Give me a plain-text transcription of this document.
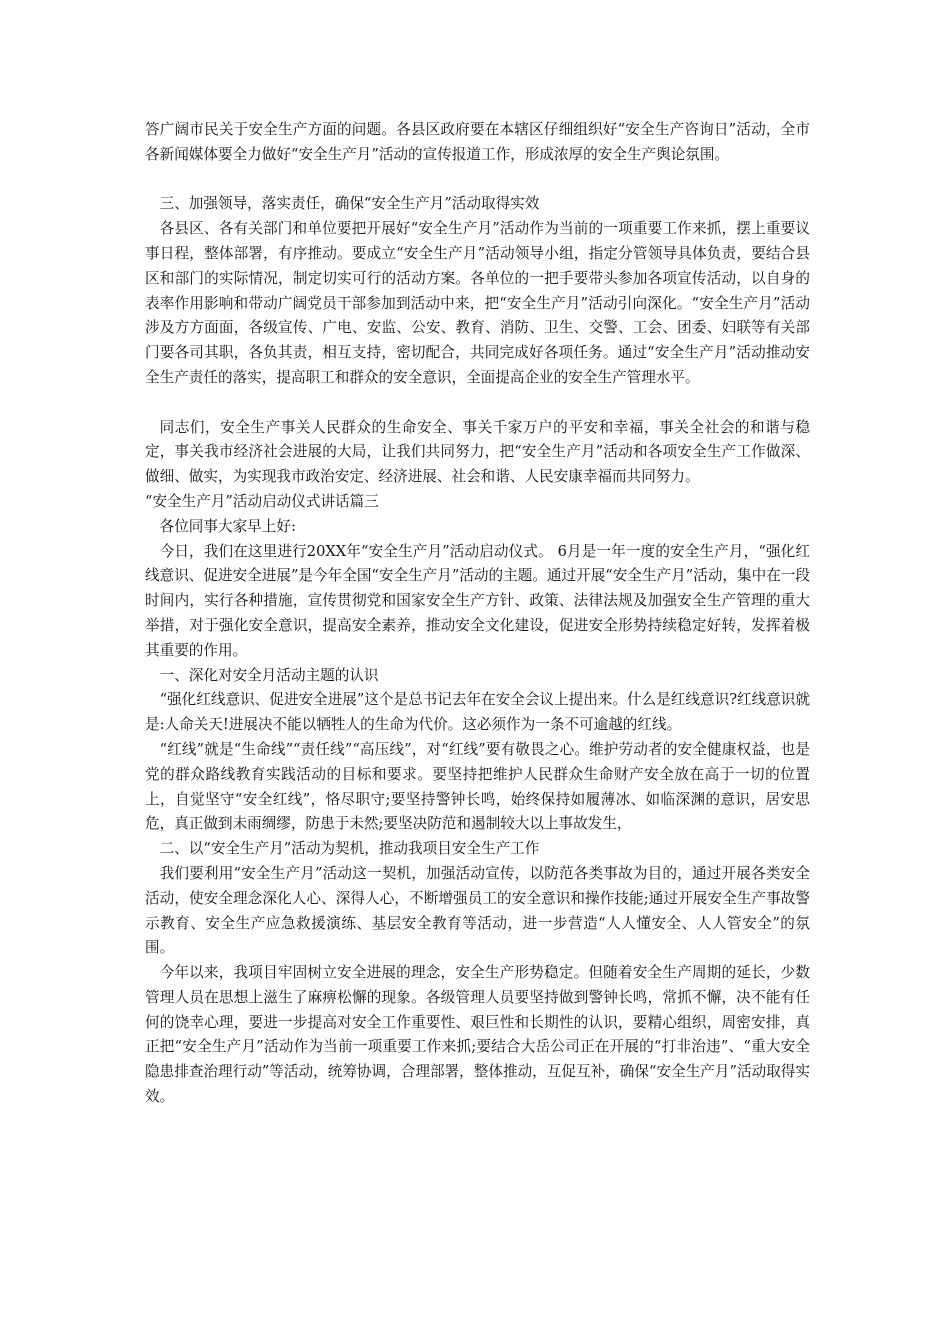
答广阔市民关于安全生产方面的问题。各县区政府要在本辖区仔细组织好“安全生产咨询日”活动，全市各新闻媒体要全力做好“安全生产月”活动的宣传报道工作，形成浓厚的安全生产舆论氛围。

三、加强领导，落实责任，确保“安全生产月”活动取得实效

各县区、各有关部门和单位要把开展好“安全生产月”活动作为当前的一项重要工作来抓，摆上重要议事日程，整体部署，有序推动。要成立“安全生产月”活动领导小组，指定分管领导具体负责，要结合县区和部门的实际情况，制定切实可行的活动方案。各单位的一把手要带头参加各项宣传活动，以自身的表率作用影响和带动广阔党员干部参加到活动中来，把“安全生产月”活动引向深化。“安全生产月”活动涉及方方面面，各级宣传、广电、安监、公安、教育、消防、卫生、交警、工会、团委、妇联等有关部门要各司其职，各负其责，相互支持，密切配合，共同完成好各项任务。通过“安全生产月”活动推动安全生产责任的落实，提高职工和群众的安全意识，全面提高企业的安全生产管理水平。

同志们，安全生产事关人民群众的生命安全、事关千家万户的平安和幸福，事关全社会的和谐与稳定，事关我市经济社会进展的大局，让我们共同努力，把“安全生产月”活动和各项安全生产工作做深、做细、做实，为实现我市政治安定、经济进展、社会和谐、人民安康幸福而共同努力。

“安全生产月”活动启动仪式讲话篇三

各位同事大家早上好:

今日，我们在这里进行20XX年“安全生产月”活动启动仪式。 6月是一年一度的安全生产月，“强化红线意识、促进安全进展”是今年全国“安全生产月”活动的主题。通过开展“安全生产月”活动，集中在一段时间内，实行各种措施，宣传贯彻党和国家安全生产方针、政策、法律法规及加强安全生产管理的重大举措，对于强化安全意识，提高安全素养，推动安全文化建设，促进安全形势持续稳定好转，发挥着极其重要的作用。

一、深化对安全月活动主题的认识

“强化红线意识、促进安全进展”这个是总书记去年在安全会议上提出来。什么是红线意识?红线意识就是:人命关天!进展决不能以牺牲人的生命为代价。这必须作为一条不可逾越的红线。

“红线”就是“生命线”“责任线”“高压线”，对“红线”要有敬畏之心。维护劳动者的安全健康权益，也是党的群众路线教育实践活动的目标和要求。要坚持把维护人民群众生命财产安全放在高于一切的位置上，自觉坚守“安全红线”，恪尽职守;要坚持警钟长鸣，始终保持如履薄冰、如临深渊的意识，居安思危，真正做到未雨绸缪，防患于未然;要坚决防范和遏制较大以上事故发生，

二、以“安全生产月”活动为契机，推动我项目安全生产工作

我们要利用“安全生产月”活动这一契机，加强活动宣传，以防范各类事故为目的，通过开展各类安全活动，使安全理念深化人心、深得人心，不断增强员工的安全意识和操作技能;通过开展安全生产事故警示教育、安全生产应急救援演练、基层安全教育等活动，进一步营造“人人懂安全、人人管安全”的氛围。

今年以来，我项目牢固树立安全进展的理念，安全生产形势稳定。但随着安全生产周期的延长，少数管理人员在思想上滋生了麻痹松懈的现象。各级管理人员要坚持做到警钟长鸣，常抓不懈，决不能有任何的饶幸心理，要进一步提高对安全工作重要性、艰巨性和长期性的认识，要精心组织，周密安排，真正把“安全生产月”活动作为当前一项重要工作来抓;要结合大岳公司正在开展的“打非治违”、“重大安全隐患排查治理行动”等活动，统筹协调，合理部署，整体推动，互促互补，确保“安全生产月”活动取得实效。
